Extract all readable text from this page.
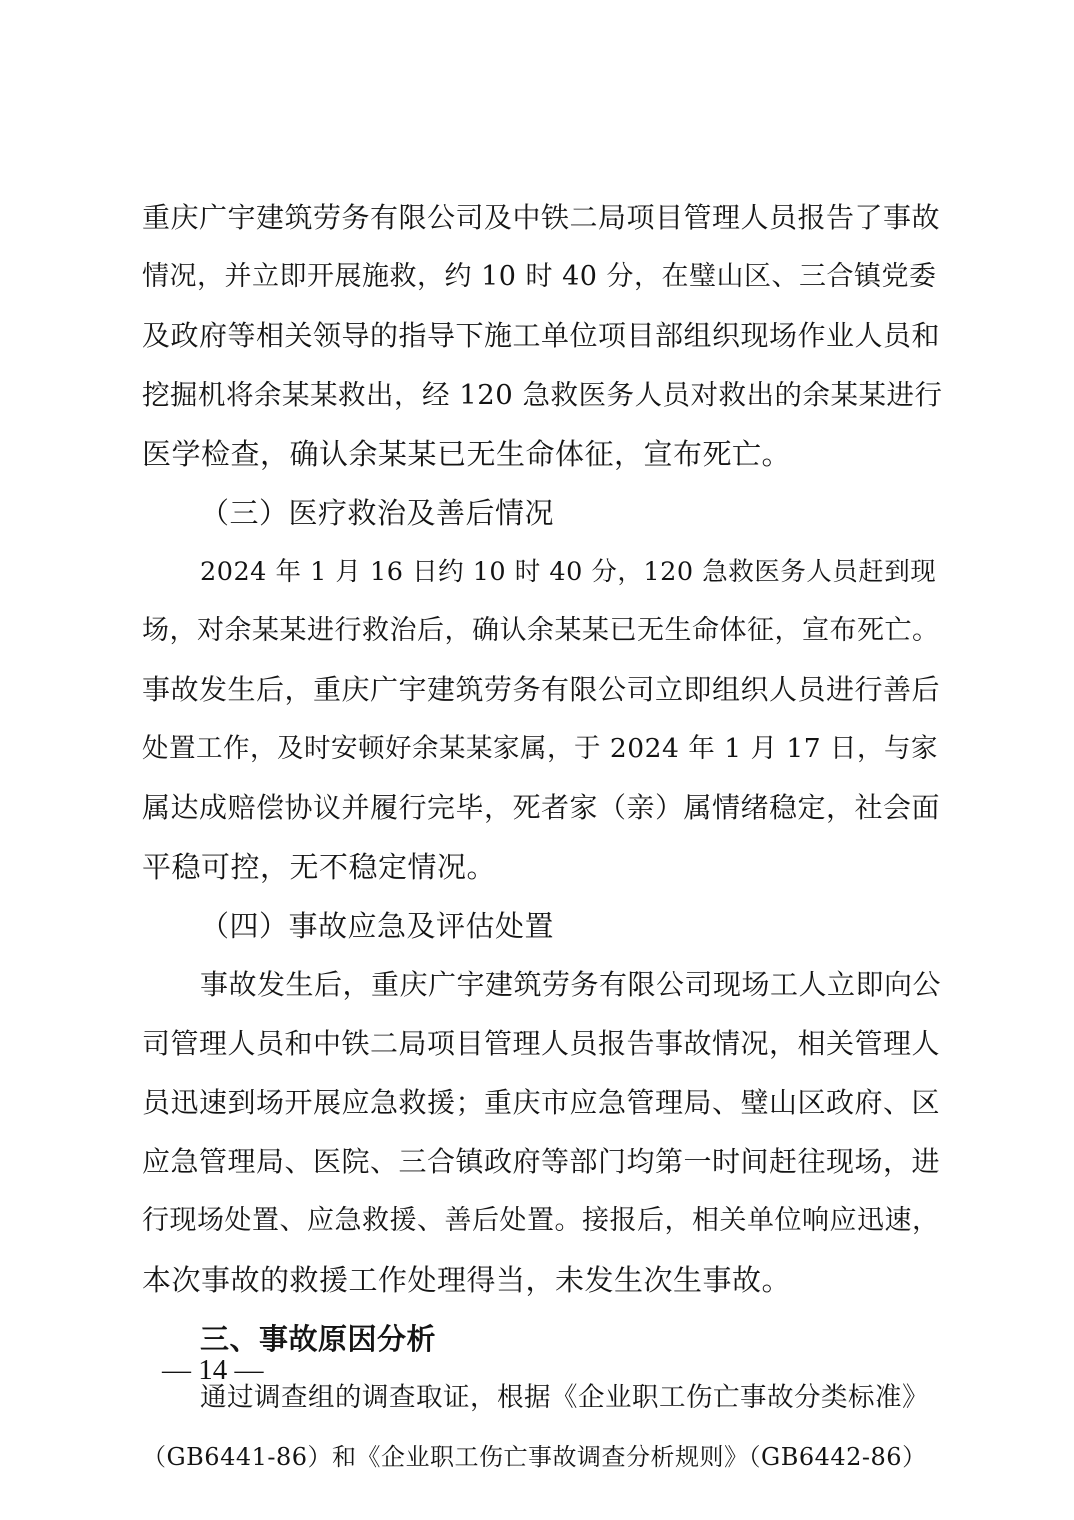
重庆广宇建筑劳务有限公司及中铁二局项目管理人员报告了事故
情况，并立即开展施救，约 10 时 40 分，在璧山区、三合镇党委
及政府等相关领导的指导下施工单位项目部组织现场作业人员和
挖掘机将余某某救出，经 120 急救医务人员对救出的余某某进行
医学检查，确认余某某已无生命体征，宣布死亡。
（三）医疗救治及善后情况
2024 年 1 月 16 日约 10 时 40 分，120 急救医务人员赶到现
场，对余某某进行救治后，确认余某某已无生命体征，宣布死亡。
事故发生后，重庆广宇建筑劳务有限公司立即组织人员进行善后
处置工作，及时安顿好余某某家属，于 2024 年 1 月 17 日，与家
属达成赔偿协议并履行完毕，死者家（亲）属情绪稳定，社会面
平稳可控，无不稳定情况。
（四）事故应急及评估处置
事故发生后，重庆广宇建筑劳务有限公司现场工人立即向公
司管理人员和中铁二局项目管理人员报告事故情况，相关管理人
员迅速到场开展应急救援；重庆市应急管理局、璧山区政府、区
应急管理局、医院、三合镇政府等部门均第一时间赶往现场，进
行现场处置、应急救援、善后处置。接报后，相关单位响应迅速，
本次事故的救援工作处理得当，未发生次生事故。
三、事故原因分析
通过调查组的调查取证，根据《企业职工伤亡事故分类标准》
（GB6441-86）和《企业职工伤亡事故调查分析规则》（GB6442-86）
— 14 —
